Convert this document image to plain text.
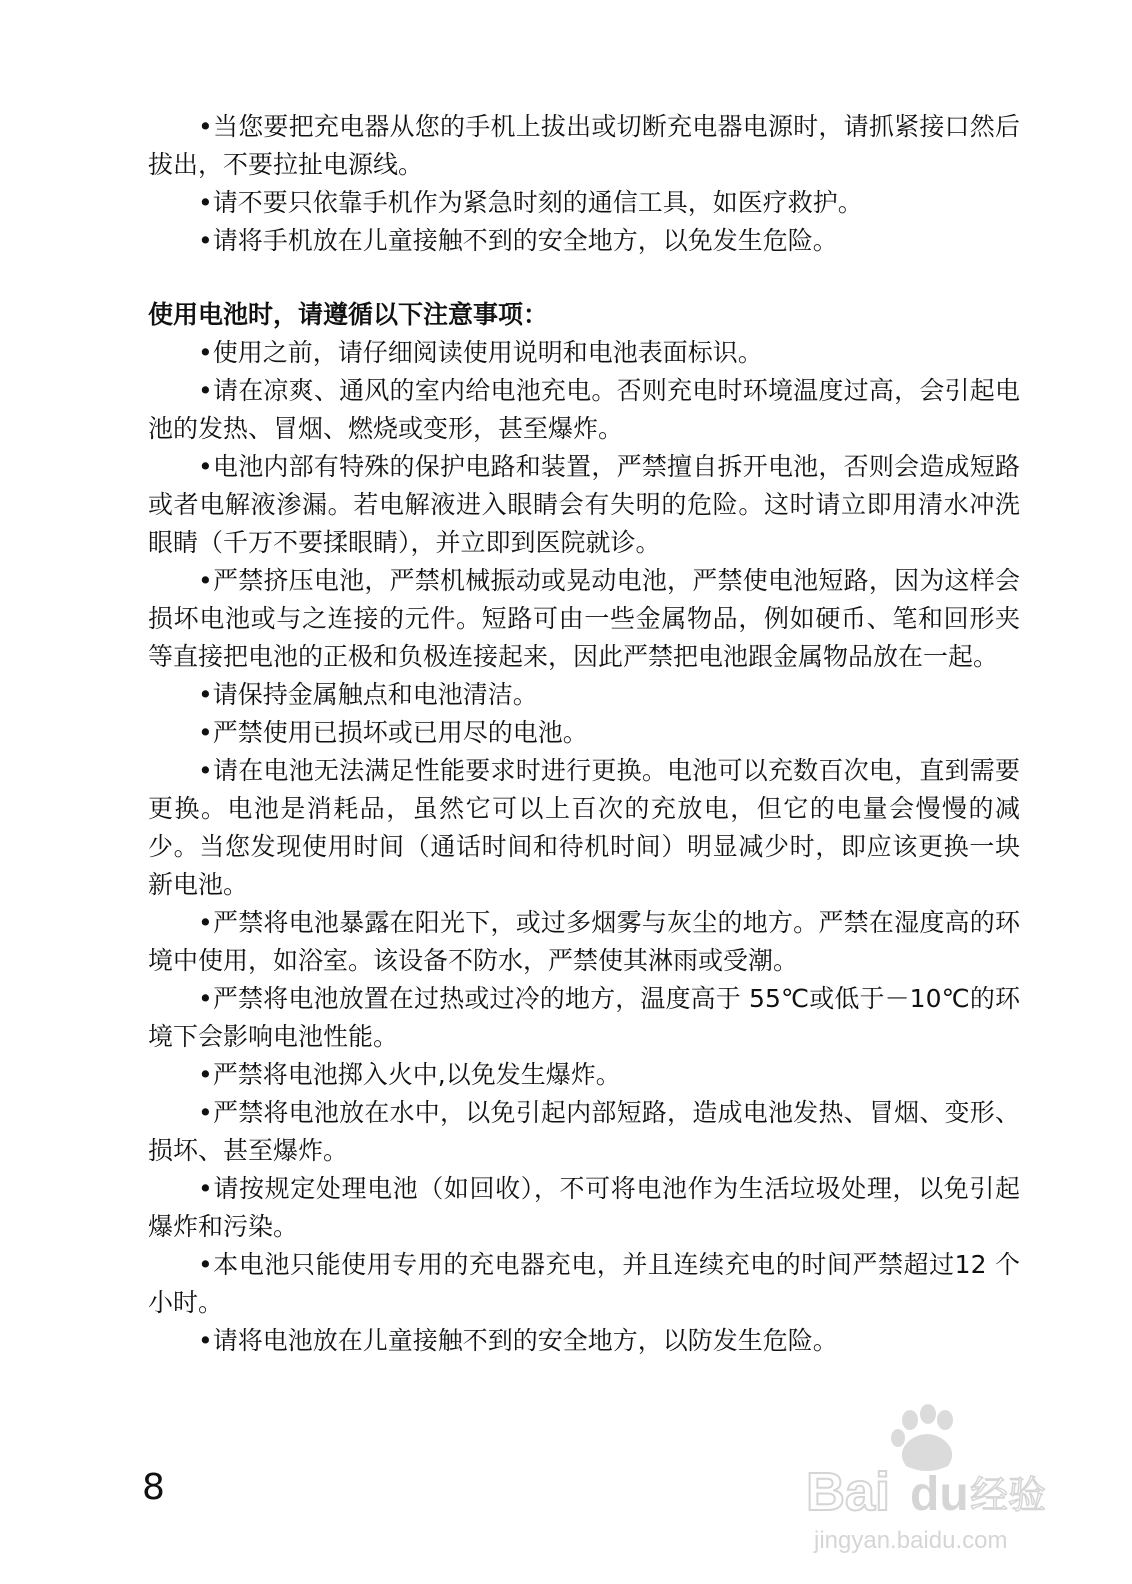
•当您要把充电器从您的手机上拔出或切断充电器电源时，请抓紧接口然后拔出，不要拉扯电源线。

•请不要只依靠手机作为紧急时刻的通信工具，如医疗救护。

•请将手机放在儿童接触不到的安全地方，以免发生危险。

使用电池时，请遵循以下注意事项：

•使用之前，请仔细阅读使用说明和电池表面标识。

•请在凉爽、通风的室内给电池充电。否则充电时环境温度过高，会引起电池的发热、冒烟、燃烧或变形，甚至爆炸。

•电池内部有特殊的保护电路和装置，严禁擅自拆开电池，否则会造成短路或者电解液渗漏。若电解液进入眼睛会有失明的危险。这时请立即用清水冲洗眼睛（千万不要揉眼睛），并立即到医院就诊。

•严禁挤压电池，严禁机械振动或晃动电池，严禁使电池短路，因为这样会损坏电池或与之连接的元件。短路可由一些金属物品，例如硬币、笔和回形夹等直接把电池的正极和负极连接起来，因此严禁把电池跟金属物品放在一起。

•请保持金属触点和电池清洁。

•严禁使用已损坏或已用尽的电池。

•请在电池无法满足性能要求时进行更换。电池可以充数百次电，直到需要更换。电池是消耗品，虽然它可以上百次的充放电，但它的电量会慢慢的减少。当您发现使用时间（通话时间和待机时间）明显减少时，即应该更换一块新电池。

•严禁将电池暴露在阳光下，或过多烟雾与灰尘的地方。严禁在湿度高的环境中使用，如浴室。该设备不防水，严禁使其淋雨或受潮。

•严禁将电池放置在过热或过冷的地方，温度高于 55℃或低于－10℃的环境下会影响电池性能。

•严禁将电池掷入火中,以免发生爆炸。

•严禁将电池放在水中，以免引起内部短路，造成电池发热、冒烟、变形、损坏、甚至爆炸。

•请按规定处理电池（如回收），不可将电池作为生活垃圾处理，以免引起爆炸和污染。

•本电池只能使用专用的充电器充电，并且连续充电的时间严禁超过12 个小时。

•请将电池放在儿童接触不到的安全地方，以防发生危险。

8	Bai du 经验
jingyan.baidu.com
